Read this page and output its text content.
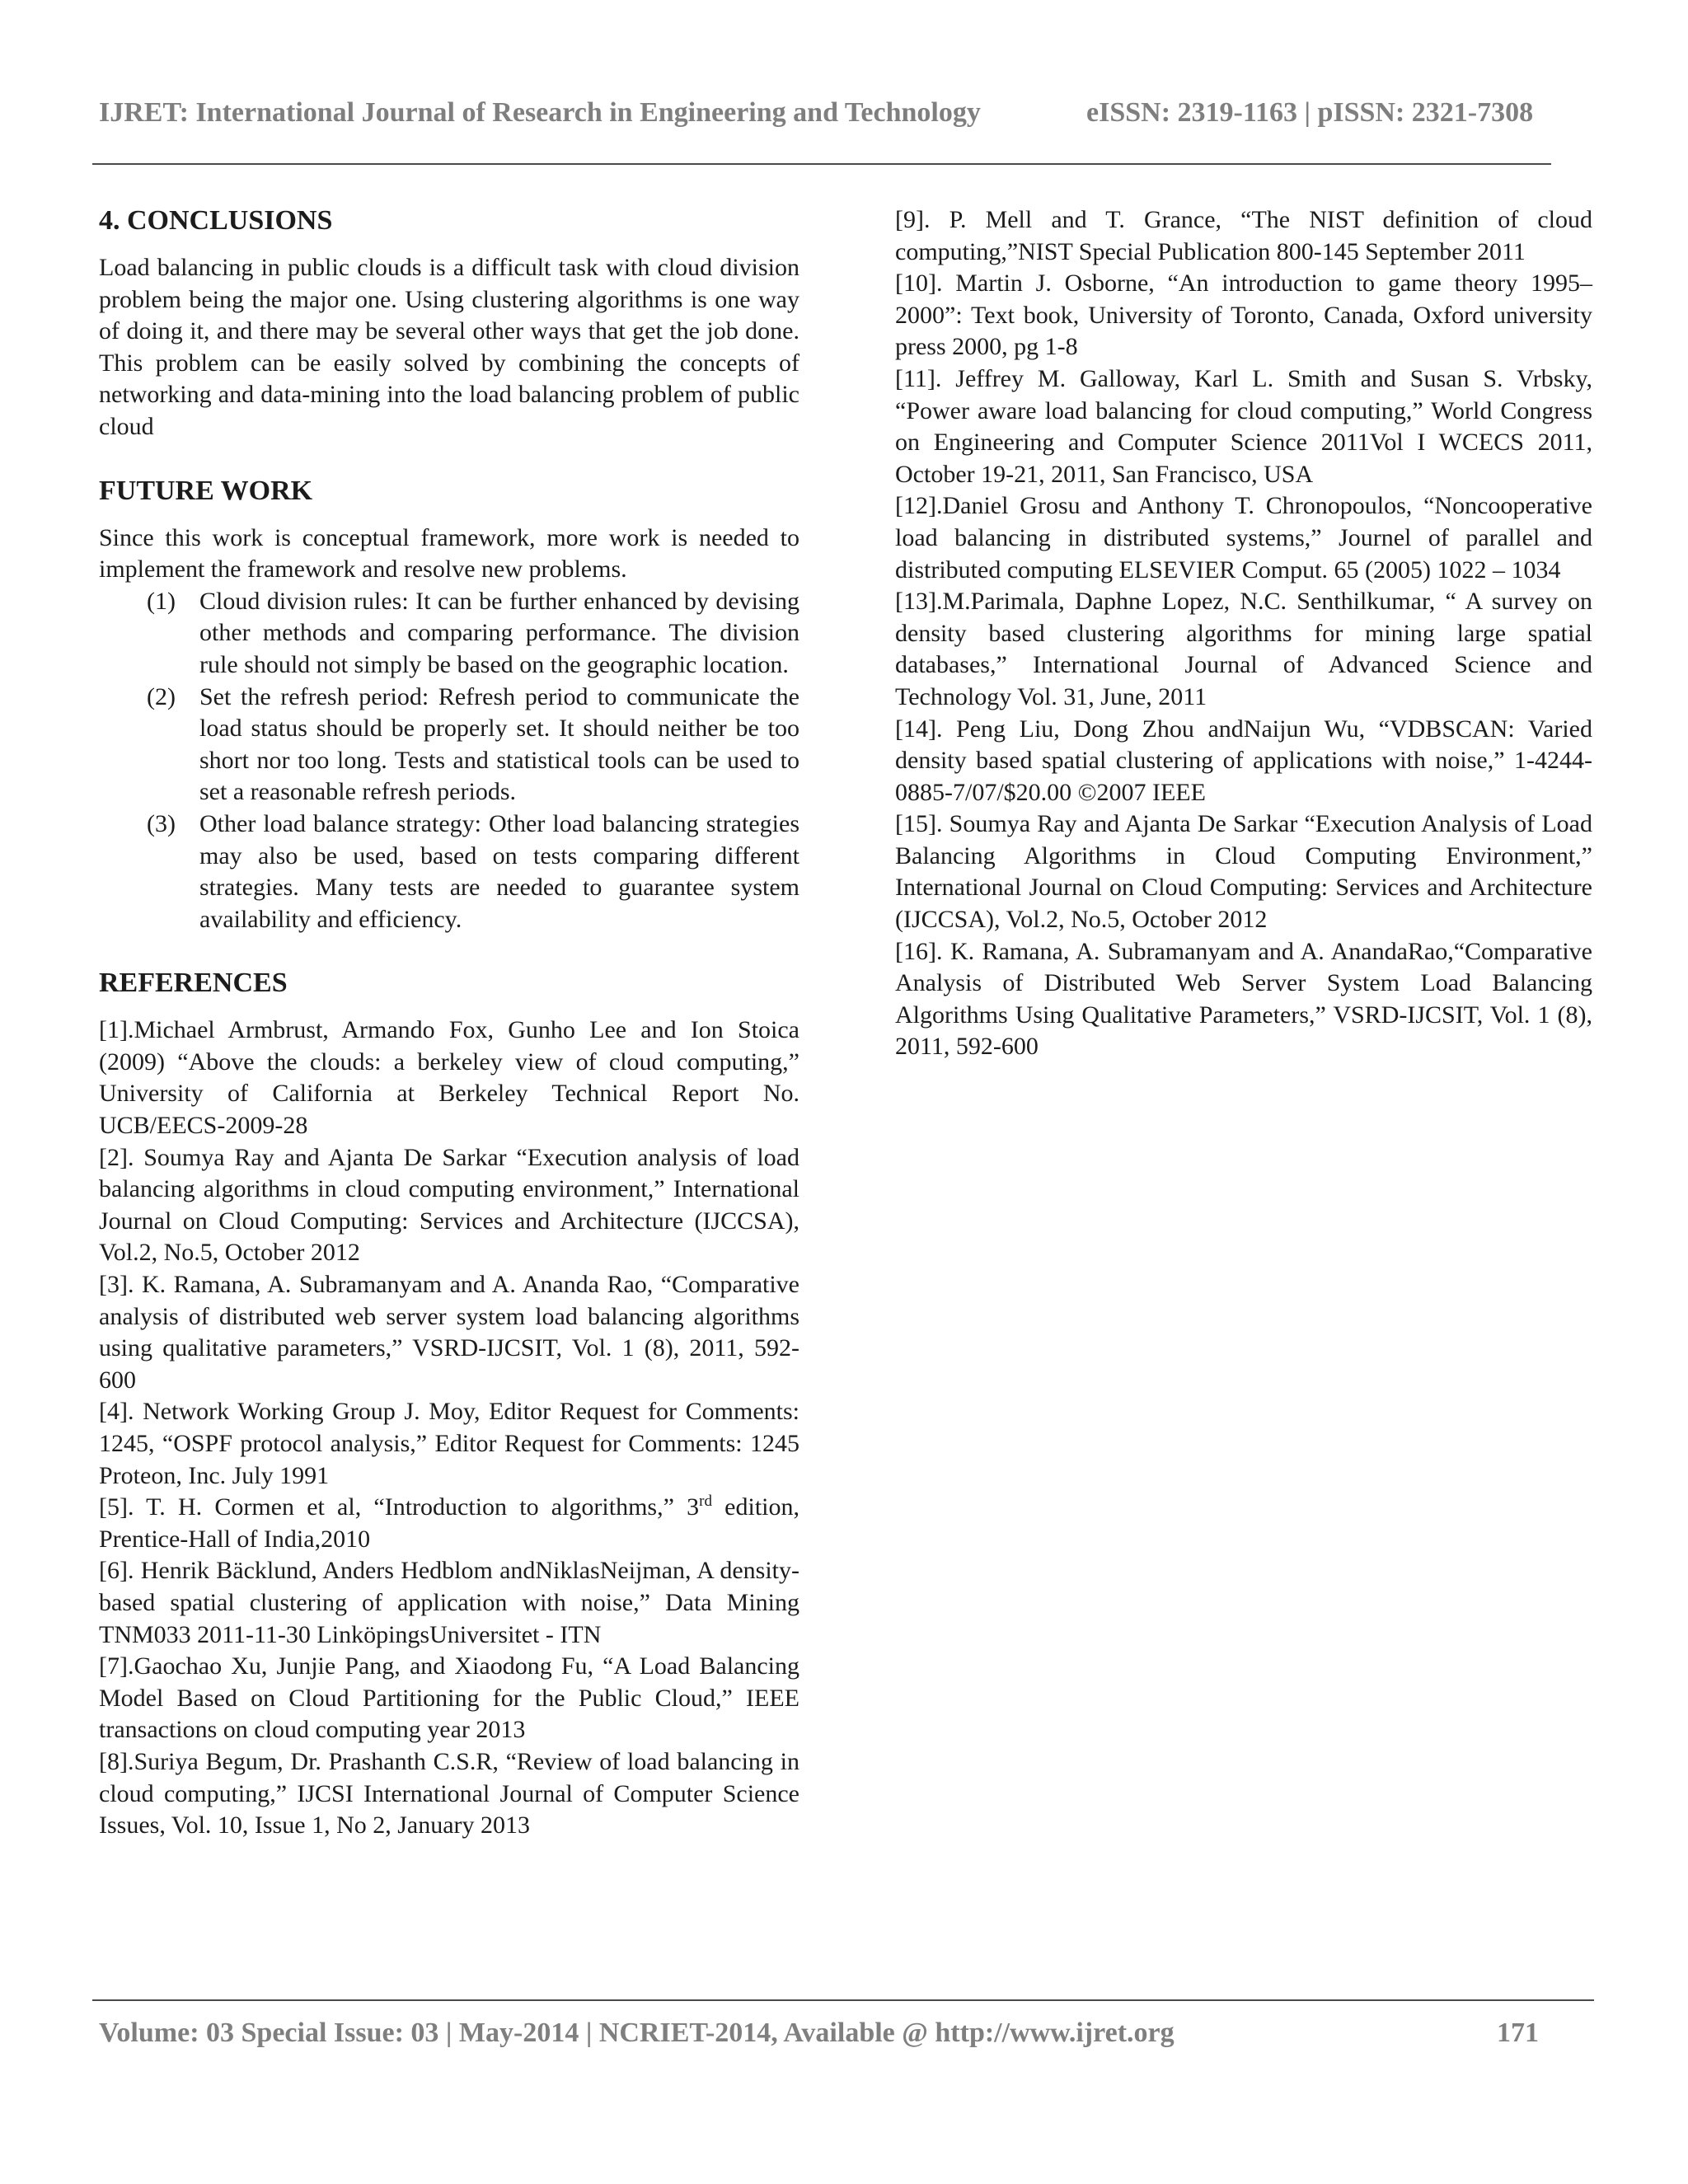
IJRET: International Journal of Research in Engineering and Technology	eISSN: 2319-1163 | pISSN: 2321-7308
4. CONCLUSIONS

Load balancing in public clouds is a difficult task with cloud division problem being the major one. Using clustering algorithms is one way of doing it, and there may be several other ways that get the job done. This problem can be easily solved by combining the concepts of networking and data-mining into the load balancing problem of public cloud

FUTURE WORK

Since this work is conceptual framework, more work is needed to implement the framework and resolve new problems.

(1) Cloud division rules: It can be further enhanced by devising other methods and comparing performance. The division rule should not simply be based on the geographic location.
(2) Set the refresh period: Refresh period to communicate the load status should be properly set. It should neither be too short nor too long. Tests and statistical tools can be used to set a reasonable refresh periods.
(3) Other load balance strategy: Other load balancing strategies may also be used, based on tests comparing different strategies. Many tests are needed to guarantee system availability and efficiency.
REFERENCES

[1].Michael Armbrust, Armando Fox, Gunho Lee and Ion Stoica (2009) “Above the clouds: a berkeley view of cloud computing,” University of California at Berkeley Technical Report No. UCB/EECS-2009-28

[2]. Soumya Ray and Ajanta De Sarkar “Execution analysis of load balancing algorithms in cloud computing environment,” International Journal on Cloud Computing: Services and Architecture (IJCCSA), Vol.2, No.5, October 2012

[3]. K. Ramana, A. Subramanyam and A. Ananda Rao, “Comparative analysis of distributed web server system load balancing algorithms using qualitative parameters,” VSRD-IJCSIT, Vol. 1 (8), 2011, 592-600

[4]. Network Working Group J. Moy, Editor Request for Comments: 1245, “OSPF protocol analysis,” Editor Request for Comments: 1245 Proteon, Inc. July 1991

[5]. T. H. Cormen et al, “Introduction to algorithms,” 3rd edition, Prentice-Hall of India,2010

[6]. Henrik Bäcklund, Anders Hedblom andNiklasNeijman, A density-based spatial clustering of application with noise,” Data Mining TNM033 2011-11-30 LinköpingsUniversitet - ITN

[7].Gaochao Xu, Junjie Pang, and Xiaodong Fu, “A Load Balancing Model Based on Cloud Partitioning for the Public Cloud,” IEEE transactions on cloud computing year 2013

[8].Suriya Begum, Dr. Prashanth C.S.R, “Review of load balancing in cloud computing,” IJCSI International Journal of Computer Science Issues, Vol. 10, Issue 1, No 2, January 2013

[9]. P. Mell and T. Grance, “The NIST definition of cloud computing,”NIST Special Publication 800-145 September 2011

[10]. Martin J. Osborne, “An introduction to game theory 1995–2000”: Text book, University of Toronto, Canada, Oxford university press 2000, pg 1-8

[11]. Jeffrey M. Galloway, Karl L. Smith and Susan S. Vrbsky, “Power aware load balancing for cloud computing,” World Congress on Engineering and Computer Science 2011Vol I WCECS 2011, October 19-21, 2011, San Francisco, USA

[12].Daniel Grosu and Anthony T. Chronopoulos, “Noncooperative load balancing in distributed systems,” Journel of parallel and distributed computing ELSEVIER Comput. 65 (2005) 1022 – 1034

[13].M.Parimala, Daphne Lopez, N.C. Senthilkumar, “ A survey on density based clustering algorithms for mining large spatial databases,” International Journal of Advanced Science and Technology Vol. 31, June, 2011

[14]. Peng Liu, Dong Zhou andNaijun Wu, “VDBSCAN: Varied density based spatial clustering of applications with noise,” 1-4244-0885-7/07/$20.00 ©2007 IEEE

[15]. Soumya Ray and Ajanta De Sarkar “Execution Analysis of Load Balancing Algorithms in Cloud Computing Environment,” International Journal on Cloud Computing: Services and Architecture (IJCCSA), Vol.2, No.5, October 2012

[16]. K. Ramana, A. Subramanyam and A. AnandaRao,“Comparative Analysis of Distributed Web Server System Load Balancing Algorithms Using Qualitative Parameters,” VSRD-IJCSIT, Vol. 1 (8), 2011, 592-600

Volume: 03 Special Issue: 03 | May-2014 | NCRIET-2014, Available @ http://www.ijret.org	171
